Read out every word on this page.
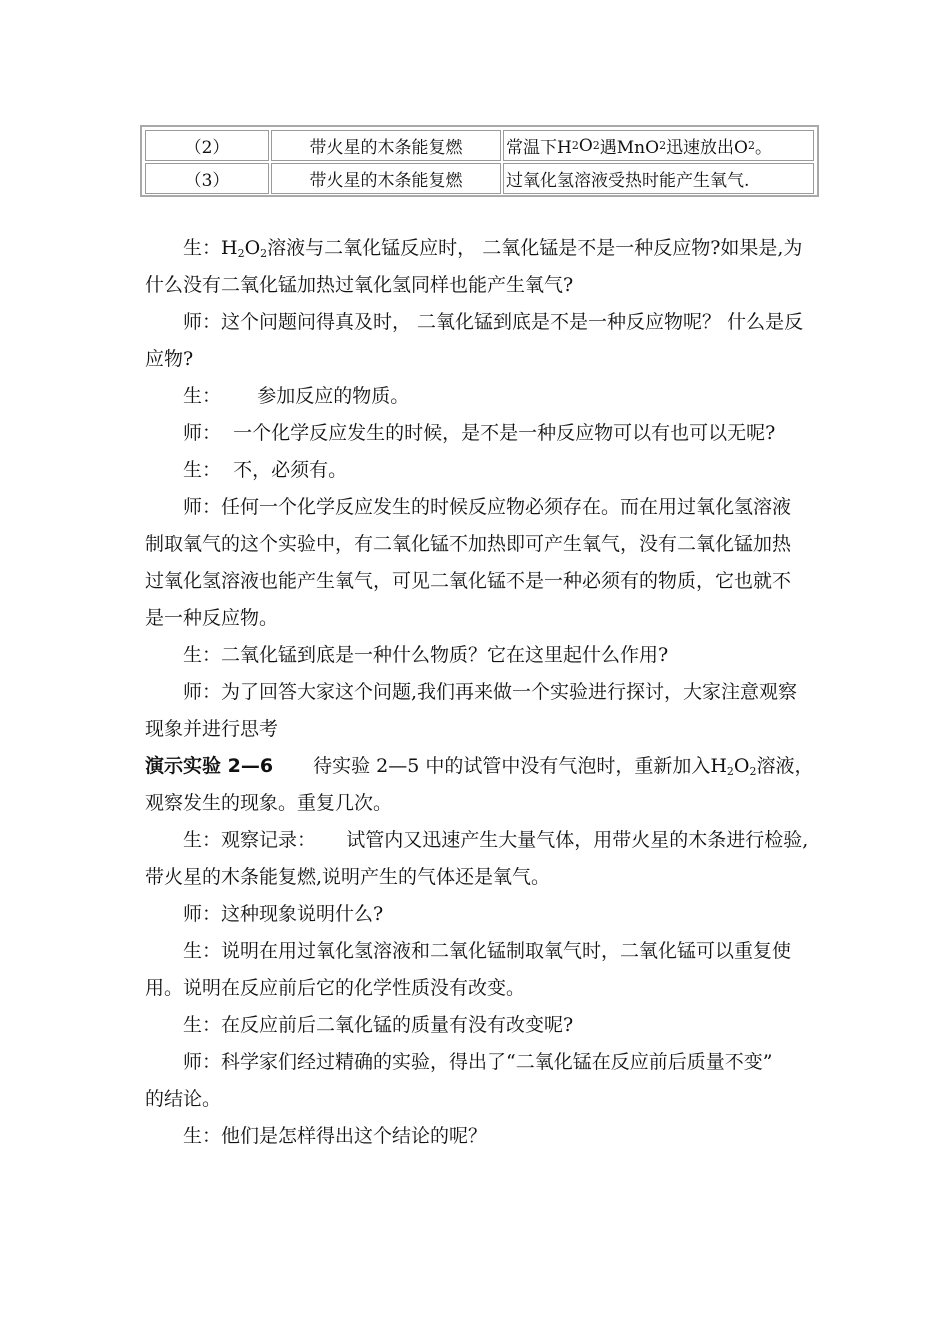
（2）	带火星的木条能复燃	常温下H 2 O 2 遇MnO 2 迅速放出O 2 。
（3）	带火星的木条能复燃	过氧化氢溶液受热时能产生氧气.
生：$H_2O_2$溶液与二氧化锰反应时， 二氧化锰是不是一种反应物?如果是,为
什么没有二氧化锰加热过氧化氢同样也能产生氧气?
师：这个问题问得真及时， 二氧化锰到底是不是一种反应物呢？ 什么是反
应物?
生：      参加反应的物质。
师：  一个化学反应发生的时候，是不是一种反应物可以有也可以无呢?
生：  不，必须有。
师：任何一个化学反应发生的时候反应物必须存在。而在用过氧化氢溶液
制取氧气的这个实验中，有二氧化锰不加热即可产生氧气，没有二氧化锰加热
过氧化氢溶液也能产生氧气，可见二氧化锰不是一种必须有的物质，它也就不
是一种反应物。
生：二氧化锰到底是一种什么物质？它在这里起什么作用?
师：为了回答大家这个问题,我们再来做一个实验进行探讨，大家注意观察
现象并进行思考
演示实验 2—6 待实验 2—5 中的试管中没有气泡时，重新加入$H_2O_2$溶液，
观察发生的现象。重复几次。
生：观察记录：     试管内又迅速产生大量气体，用带火星的木条进行检验,
带火星的木条能复燃,说明产生的气体还是氧气。
师：这种现象说明什么?
生：说明在用过氧化氢溶液和二氧化锰制取氧气时，二氧化锰可以重复使
用。说明在反应前后它的化学性质没有改变。
生：在反应前后二氧化锰的质量有没有改变呢?
师：科学家们经过精确的实验，得出了“二氧化锰在反应前后质量不变”
的结论。
生：他们是怎样得出这个结论的呢？
